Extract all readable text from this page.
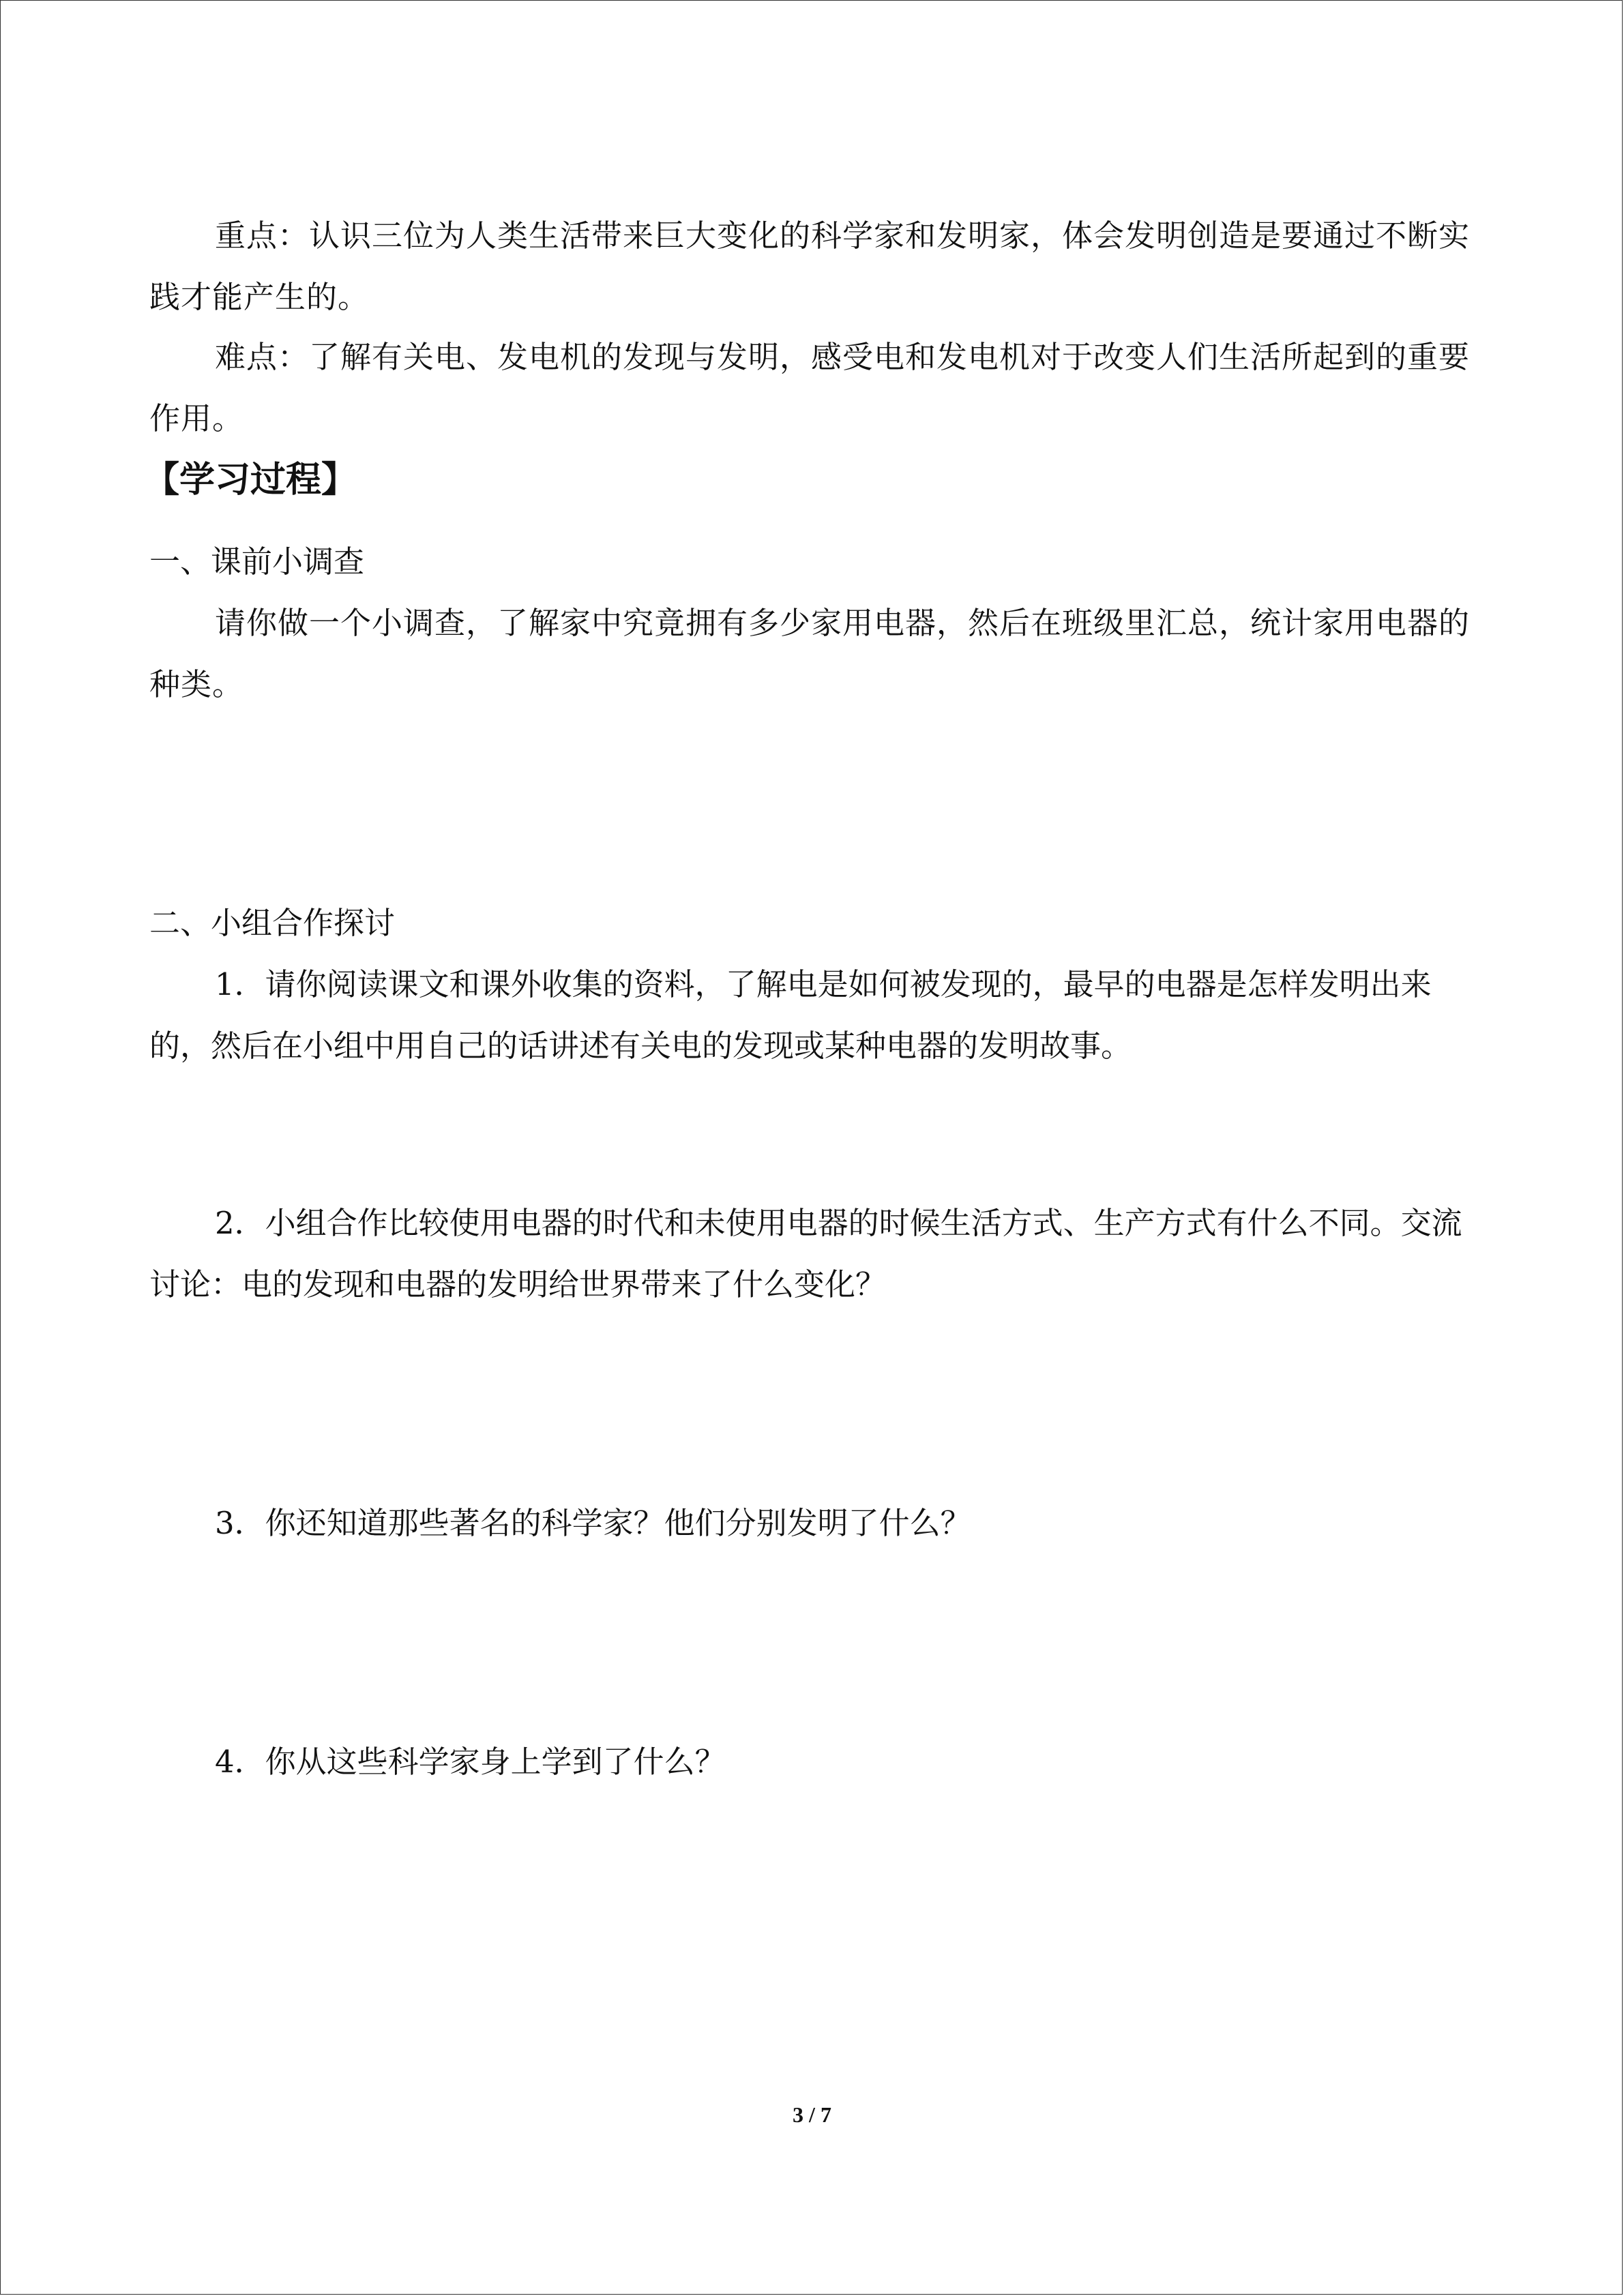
重点：认识三位为人类生活带来巨大变化的科学家和发明家，体会发明创造是要通过不断实践才能产生的。

难点：了解有关电、发电机的发现与发明，感受电和发电机对于改变人们生活所起到的重要作用。

【学习过程】

一、课前小调查

请你做一个小调查，了解家中究竟拥有多少家用电器，然后在班级里汇总，统计家用电器的种类。

二、小组合作探讨

1．请你阅读课文和课外收集的资料，了解电是如何被发现的，最早的电器是怎样发明出来的，然后在小组中用自己的话讲述有关电的发现或某种电器的发明故事。

2．小组合作比较使用电器的时代和未使用电器的时候生活方式、生产方式有什么不同。交流讨论：电的发现和电器的发明给世界带来了什么变化？

3．你还知道那些著名的科学家？他们分别发明了什么？

4．你从这些科学家身上学到了什么？

3 / 7
